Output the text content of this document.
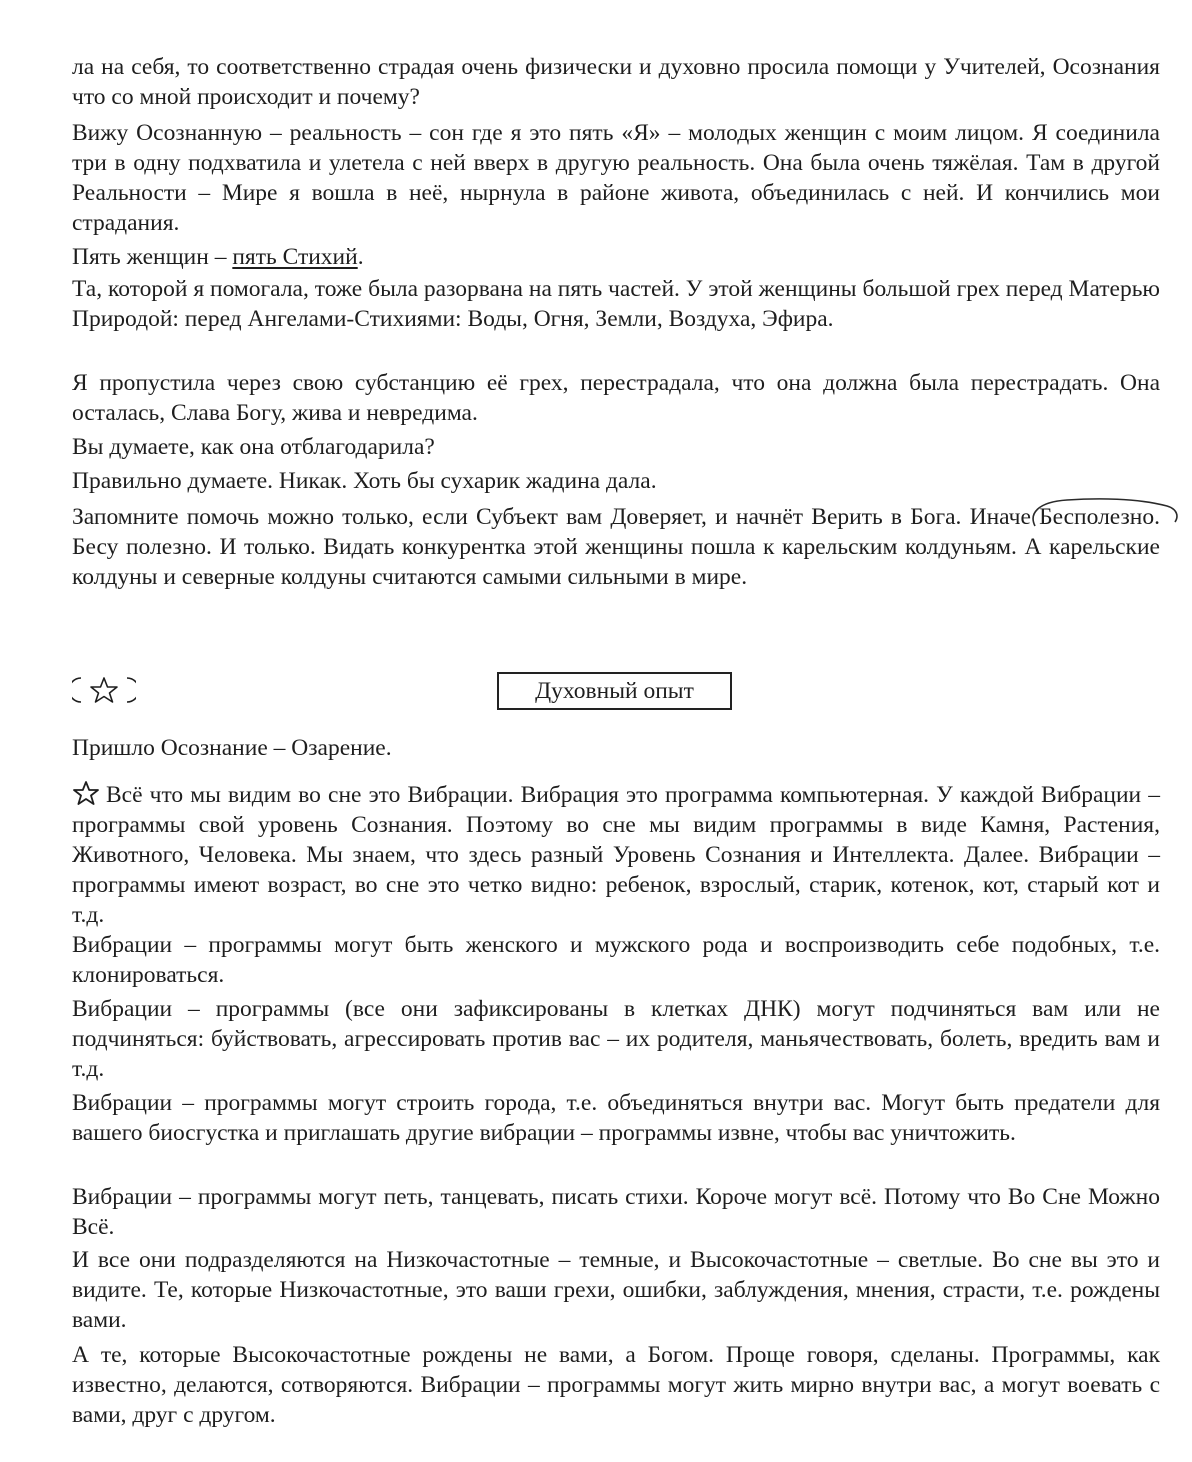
ла на себя, то соответственно страдая очень физически и духовно просила помощи у Учителей, Осознания что со мной происходит и почему?

Вижу Осознанную – реальность – сон где я это пять «Я» – молодых женщин с моим лицом. Я соединила три в одну подхватила и улетела с ней вверх в другую реальность. Она была очень тяжёлая. Там в другой Реальности – Мире я вошла в неё, нырнула в районе живота, объединилась с ней. И кончились мои страдания.

Пять женщин – пять Стихий.

Та, которой я помогала, тоже была разорвана на пять частей. У этой женщины большой грех перед Матерью Природой: перед Ангелами-Стихиями: Воды, Огня, Земли, Воздуха, Эфира.

Я пропустила через свою субстанцию её грех, перестрадала, что она должна была перестрадать. Она осталась, Слава Богу, жива и невредима.

Вы думаете, как она отблагодарила?

Правильно думаете. Никак. Хоть бы сухарик жадина дала.

Запомните помочь можно только, если Субъект вам Доверяет, и начнёт Верить в Бога. Иначе
Бесполезно. Бесу полезно. И только. Видать конкурентка этой женщины пошла к карельским колдуньям. А карельские колдуны и северные колдуны считаются самыми сильными в мире.

Духовный опыт

Пришло Осознание – Озарение.

Всё что мы видим во сне это Вибрации. Вибрация это программа компьютерная. У каждой Вибрации – программы свой уровень Сознания. Поэтому во сне мы видим программы в виде Камня, Растения, Животного, Человека. Мы знаем, что здесь разный Уровень Сознания и Интеллекта. Далее. Вибрации – программы имеют возраст, во сне это четко видно: ребенок, взрослый, старик, котенок, кот, старый кот и т.д.

Вибрации – программы могут быть женского и мужского рода и воспроизводить себе подобных, т.е. клонироваться.

Вибрации – программы (все они зафиксированы в клетках ДНК) могут подчиняться вам или не подчиняться: буйствовать, агрессировать против вас – их родителя, маньячествовать, болеть, вредить вам и т.д.

Вибрации – программы могут строить города, т.е. объединяться внутри вас. Могут быть предатели для вашего биосгустка и приглашать другие вибрации – программы извне, чтобы вас уничтожить.

Вибрации – программы могут петь, танцевать, писать стихи. Короче могут всё. Потому что Во Сне Можно Всё.

И все они подразделяются на Низкочастотные – темные, и Высокочастотные – светлые. Во сне вы это и видите. Те, которые Низкочастотные, это ваши грехи, ошибки, заблуждения, мнения, страсти, т.е. рождены вами.

А те, которые Высокочастотные рождены не вами, а Богом. Проще говоря, сделаны. Программы, как известно, делаются, сотворяются. Вибрации – программы могут жить мирно внутри вас, а могут воевать с вами, друг с другом.
